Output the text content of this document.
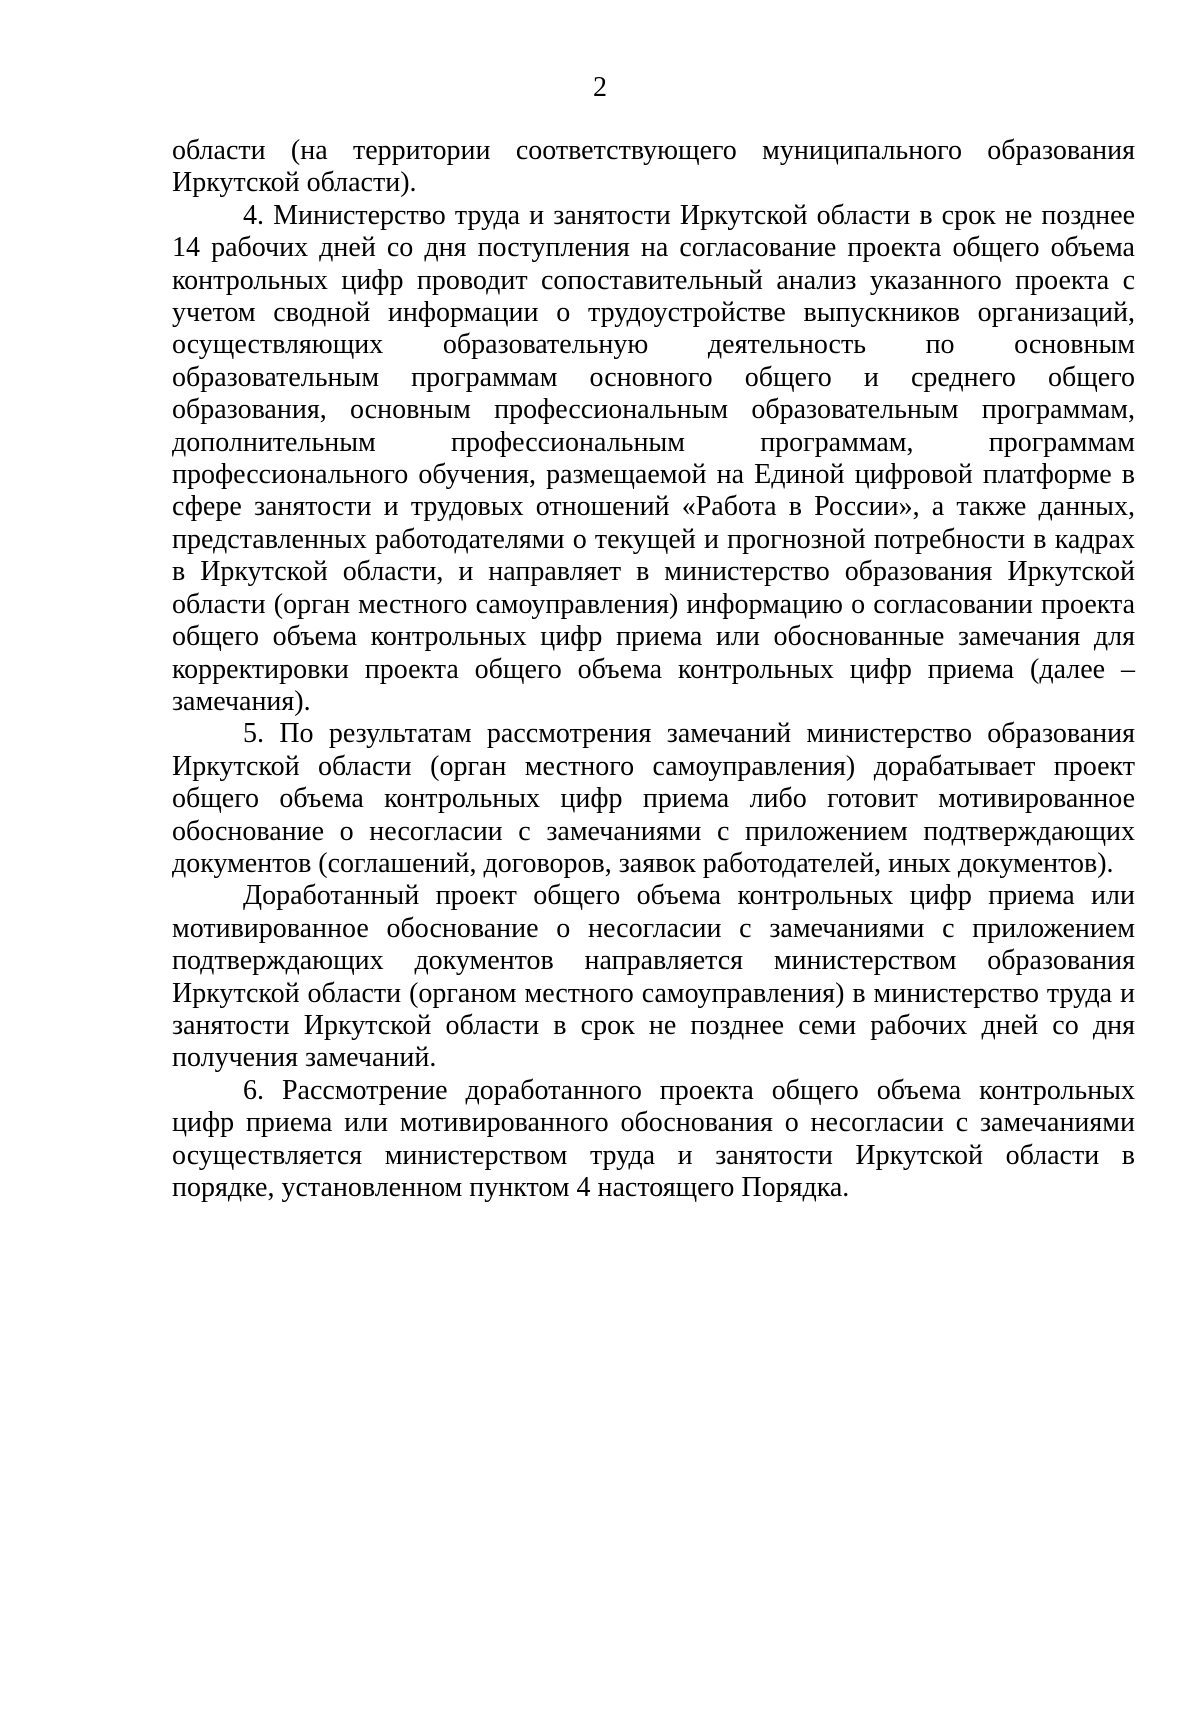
2

области (на территории соответствующего муниципального образования Иркутской области).

4. Министерство труда и занятости Иркутской области в срок не позднее 14 рабочих дней со дня поступления на согласование проекта общего объема контрольных цифр проводит сопоставительный анализ указанного проекта с учетом сводной информации о трудоустройстве выпускников организаций, осуществляющих образовательную деятельность по основным образовательным программам основного общего и среднего общего образования, основным профессиональным образовательным программам, дополнительным профессиональным программам, программам профессионального обучения, размещаемой на Единой цифровой платформе в сфере занятости и трудовых отношений «Работа в России», а также данных, представленных работодателями о текущей и прогнозной потребности в кадрах в Иркутской области, и направляет в министерство образования Иркутской области (орган местного самоуправления) информацию о согласовании проекта общего объема контрольных цифр приема или обоснованные замечания для корректировки проекта общего объема контрольных цифр приема (далее – замечания).

5. По результатам рассмотрения замечаний министерство образования Иркутской области (орган местного самоуправления) дорабатывает проект общего объема контрольных цифр приема либо готовит мотивированное обоснование о несогласии с замечаниями с приложением подтверждающих документов (соглашений, договоров, заявок работодателей, иных документов).

Доработанный проект общего объема контрольных цифр приема или мотивированное обоснование о несогласии с замечаниями с приложением подтверждающих документов направляется министерством образования Иркутской области (органом местного самоуправления) в министерство труда и занятости Иркутской области в срок не позднее семи рабочих дней со дня получения замечаний.

6. Рассмотрение доработанного проекта общего объема контрольных цифр приема или мотивированного обоснования о несогласии с замечаниями осуществляется министерством труда и занятости Иркутской области в порядке, установленном пунктом 4 настоящего Порядка.
